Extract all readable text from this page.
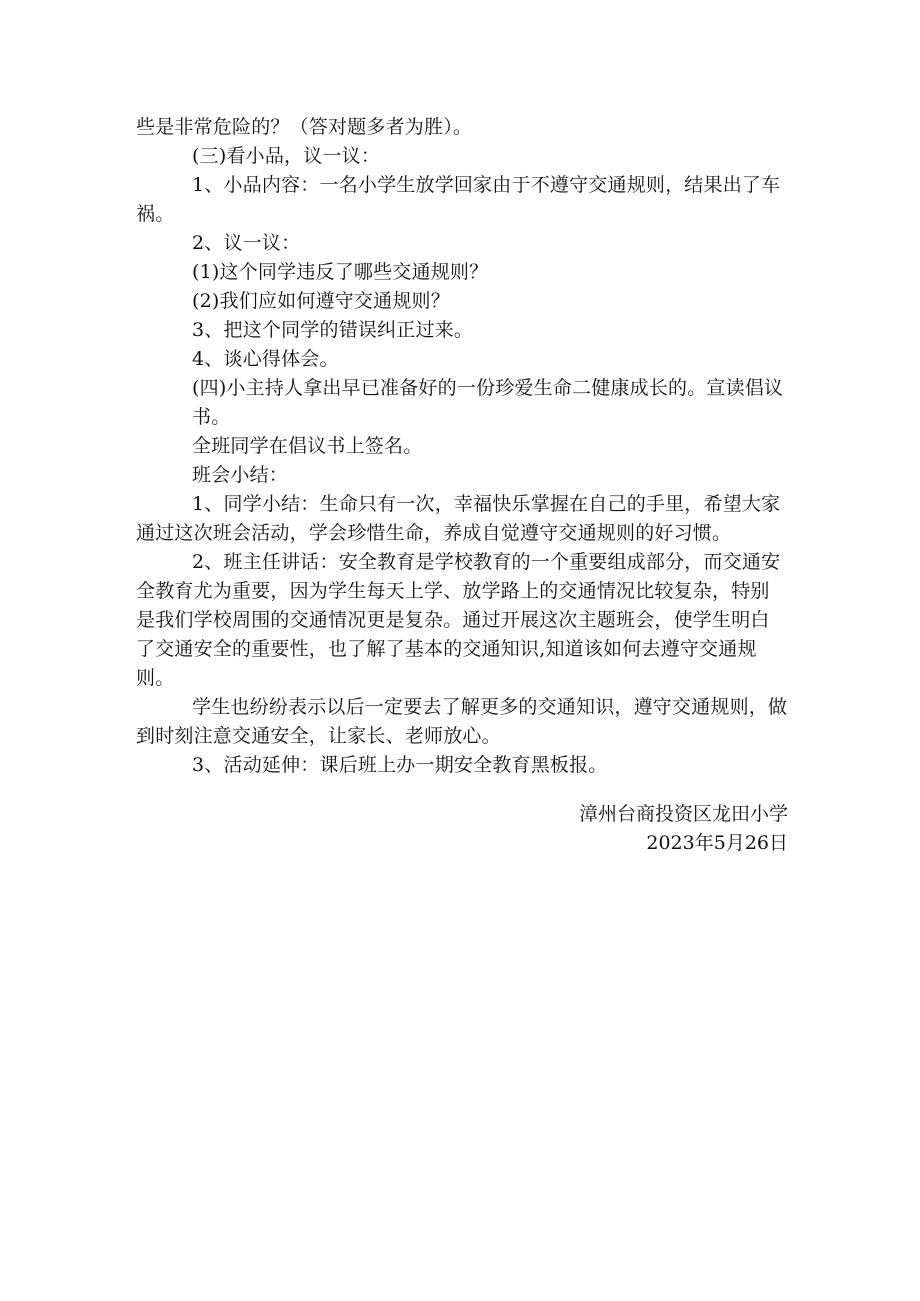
些是非常危险的？（答对题多者为胜）。

(三)看小品，议一议：

1、小品内容：一名小学生放学回家由于不遵守交通规则，结果出了车祸。

2、议一议：

(1)这个同学违反了哪些交通规则？

(2)我们应如何遵守交通规则？

3、把这个同学的错误纠正过来。

4、谈心得体会。

(四)小主持人拿出早已准备好的一份珍爱生命二健康成长的。宣读倡议书。

全班同学在倡议书上签名。

班会小结：

1、同学小结：生命只有一次，幸福快乐掌握在自己的手里，希望大家通过这次班会活动，学会珍惜生命，养成自觉遵守交通规则的好习惯。

2、班主任讲话：安全教育是学校教育的一个重要组成部分，而交通安全教育尤为重要，因为学生每天上学、放学路上的交通情况比较复杂，特别是我们学校周围的交通情况更是复杂。通过开展这次主题班会，使学生明白了交通安全的重要性，也了解了基本的交通知识,知道该如何去遵守交通规则。

学生也纷纷表示以后一定要去了解更多的交通知识，遵守交通规则，做到时刻注意交通安全，让家长、老师放心。

3、活动延伸：课后班上办一期安全教育黑板报。

漳州台商投资区龙田小学

2023年5月26日
